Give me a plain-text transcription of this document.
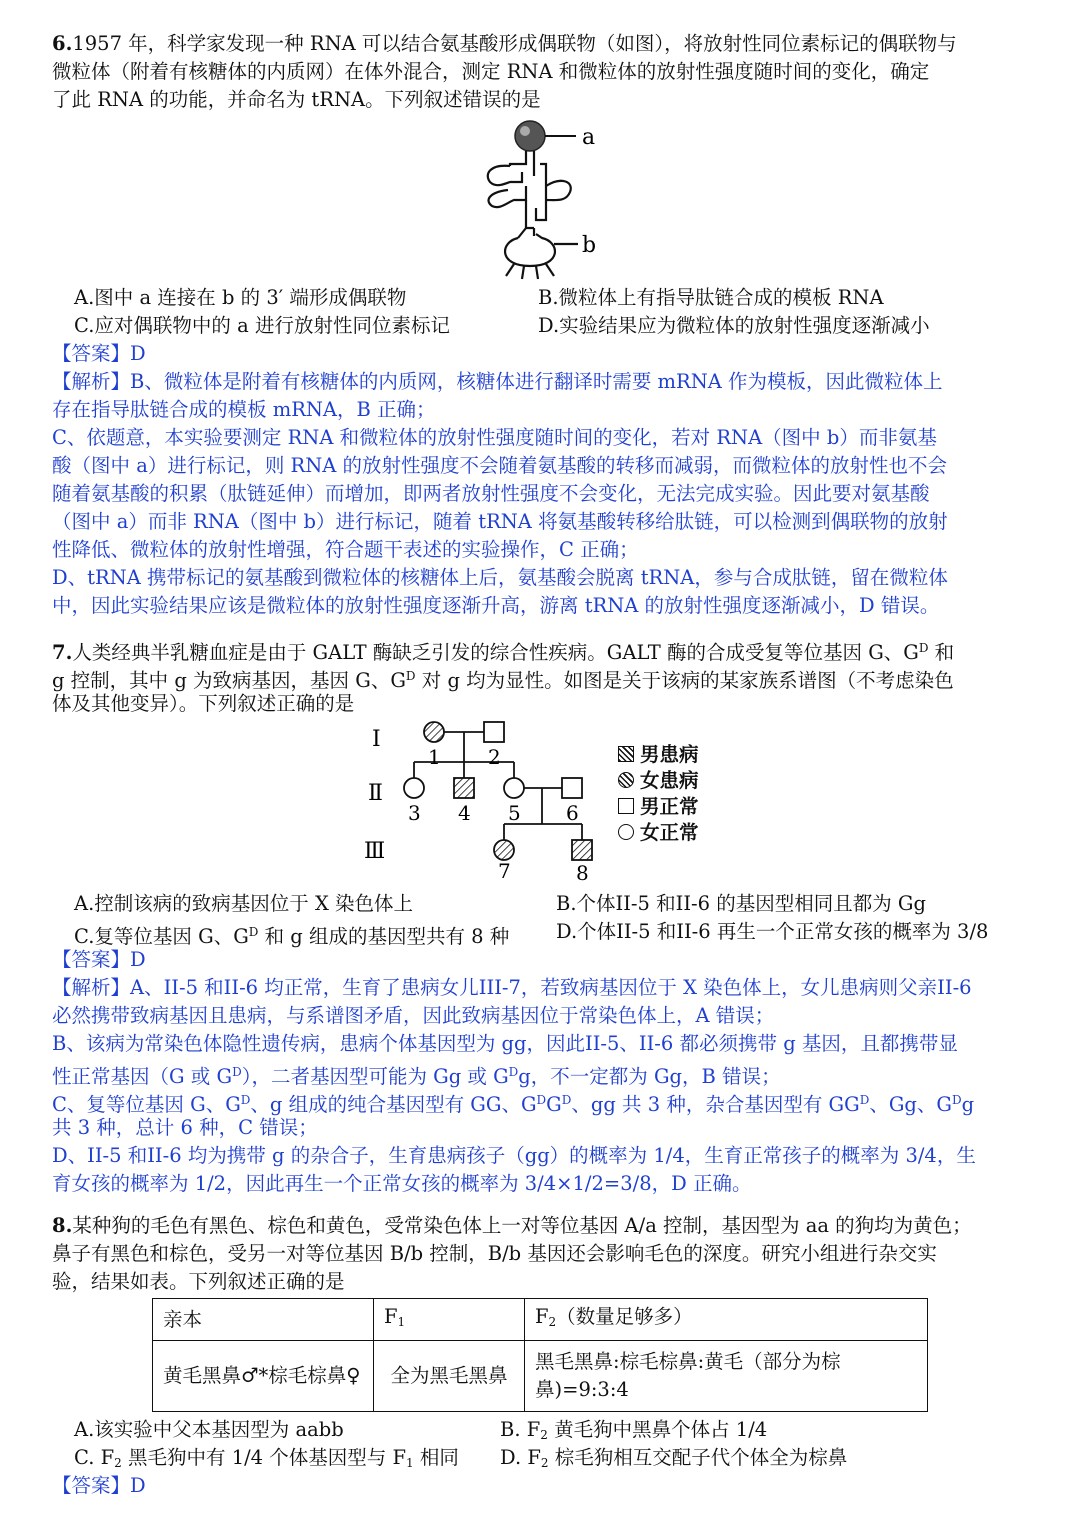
6.1957 年，科学家发现一种 RNA 可以结合氨基酸形成偶联物（如图），将放射性同位素标记的偶联物与
微粒体（附着有核糖体的内质网）在体外混合，测定 RNA 和微粒体的放射性强度随时间的变化，确定
了此 RNA 的功能，并命名为 tRNA。下列叙述错误的是
a
b
A.图中 a 连接在 b 的 3′ 端形成偶联物	B.微粒体上有指导肽链合成的模板 RNA
C.应对偶联物中的 a 进行放射性同位素标记	D.实验结果应为微粒体的放射性强度逐渐减小
【答案】D
【解析】B、微粒体是附着有核糖体的内质网，核糖体进行翻译时需要 mRNA 作为模板，因此微粒体上
存在指导肽链合成的模板 mRNA，B 正确；
C、依题意，本实验要测定 RNA 和微粒体的放射性强度随时间的变化，若对 RNA（图中 b）而非氨基
酸（图中 a）进行标记，则 RNA 的放射性强度不会随着氨基酸的转移而减弱，而微粒体的放射性也不会
随着氨基酸的积累（肽链延伸）而增加，即两者放射性强度不会变化，无法完成实验。因此要对氨基酸
（图中 a）而非 RNA（图中 b）进行标记，随着 tRNA 将氨基酸转移给肽链，可以检测到偶联物的放射
性降低、微粒体的放射性增强，符合题干表述的实验操作，C 正确；
D、tRNA 携带标记的氨基酸到微粒体的核糖体上后，氨基酸会脱离 tRNA，参与合成肽链，留在微粒体
中，因此实验结果应该是微粒体的放射性强度逐渐升高，游离 tRNA 的放射性强度逐渐减小，D 错误。
7.人类经典半乳糖血症是由于 GALT 酶缺乏引发的综合性疾病。GALT 酶的合成受复等位基因 G、$G^D$ 和
g 控制，其中 g 为致病基因，基因 G、$G^D$ 对 g 均为显性。如图是关于该病的某家族系谱图（不考虑染色
体及其他变异）。下列叙述正确的是
Ⅰ
Ⅱ
Ⅲ
1 2
3 4 5 6
7	8
男患病
女患病
男正常
女正常
A.控制该病的致病基因位于 X 染色体上	B.个体II-5 和II-6 的基因型相同且都为 Gg
C.复等位基因 G、$G^D$ 和 g 组成的基因型共有 8 种 D.个体II-5 和II-6 再生一个正常女孩的概率为 3/8
【答案】D
【解析】A、II-5 和II-6 均正常，生育了患病女儿III-7，若致病基因位于 X 染色体上，女儿患病则父亲II-6
必然携带致病基因且患病，与系谱图矛盾，因此致病基因位于常染色体上，A 错误；
B、该病为常染色体隐性遗传病，患病个体基因型为 gg，因此II-5、II-6 都必须携带 g 基因，且都携带显
性正常基因（G 或 $G^D$），二者基因型可能为 Gg 或 $G^Dg$，不一定都为 Gg，B 错误；
C、复等位基因 G、$G^D$、g 组成的纯合基因型有 GG、$G^DG^D$、gg 共 3 种，杂合基因型有 $GG^D$、Gg、$G^Dg$
共 3 种，总计 6 种，C 错误；
D、II-5 和II-6 均为携带 g 的杂合子，生育患病孩子（gg）的概率为 1/4，生育正常孩子的概率为 3/4，生
育女孩的概率为 1/2，因此再生一个正常女孩的概率为 3/4×1/2=3/8，D 正确。
8.某种狗的毛色有黑色、棕色和黄色，受常染色体上一对等位基因 A/a 控制，基因型为 aa 的狗均为黄色；
鼻子有黑色和棕色，受另一对等位基因 B/b 控制，B/b 基因还会影响毛色的深度。研究小组进行杂交实
验，结果如表。下列叙述正确的是
亲本	$F_1$	$F_2$（数量足够多）
黄毛黑鼻♂*棕毛棕鼻♀	全为黑毛黑鼻	黑毛黑鼻:棕毛棕鼻:黄毛（部分为棕鼻)=9:3:4
A.该实验中父本基因型为 aabb	B. $F_2$ 黄毛狗中黑鼻个体占 1/4
C. $F_2$ 黑毛狗中有 1/4 个体基因型与 $F_1$ 相同 D. $F_2$ 棕毛狗相互交配子代个体全为棕鼻
【答案】D
